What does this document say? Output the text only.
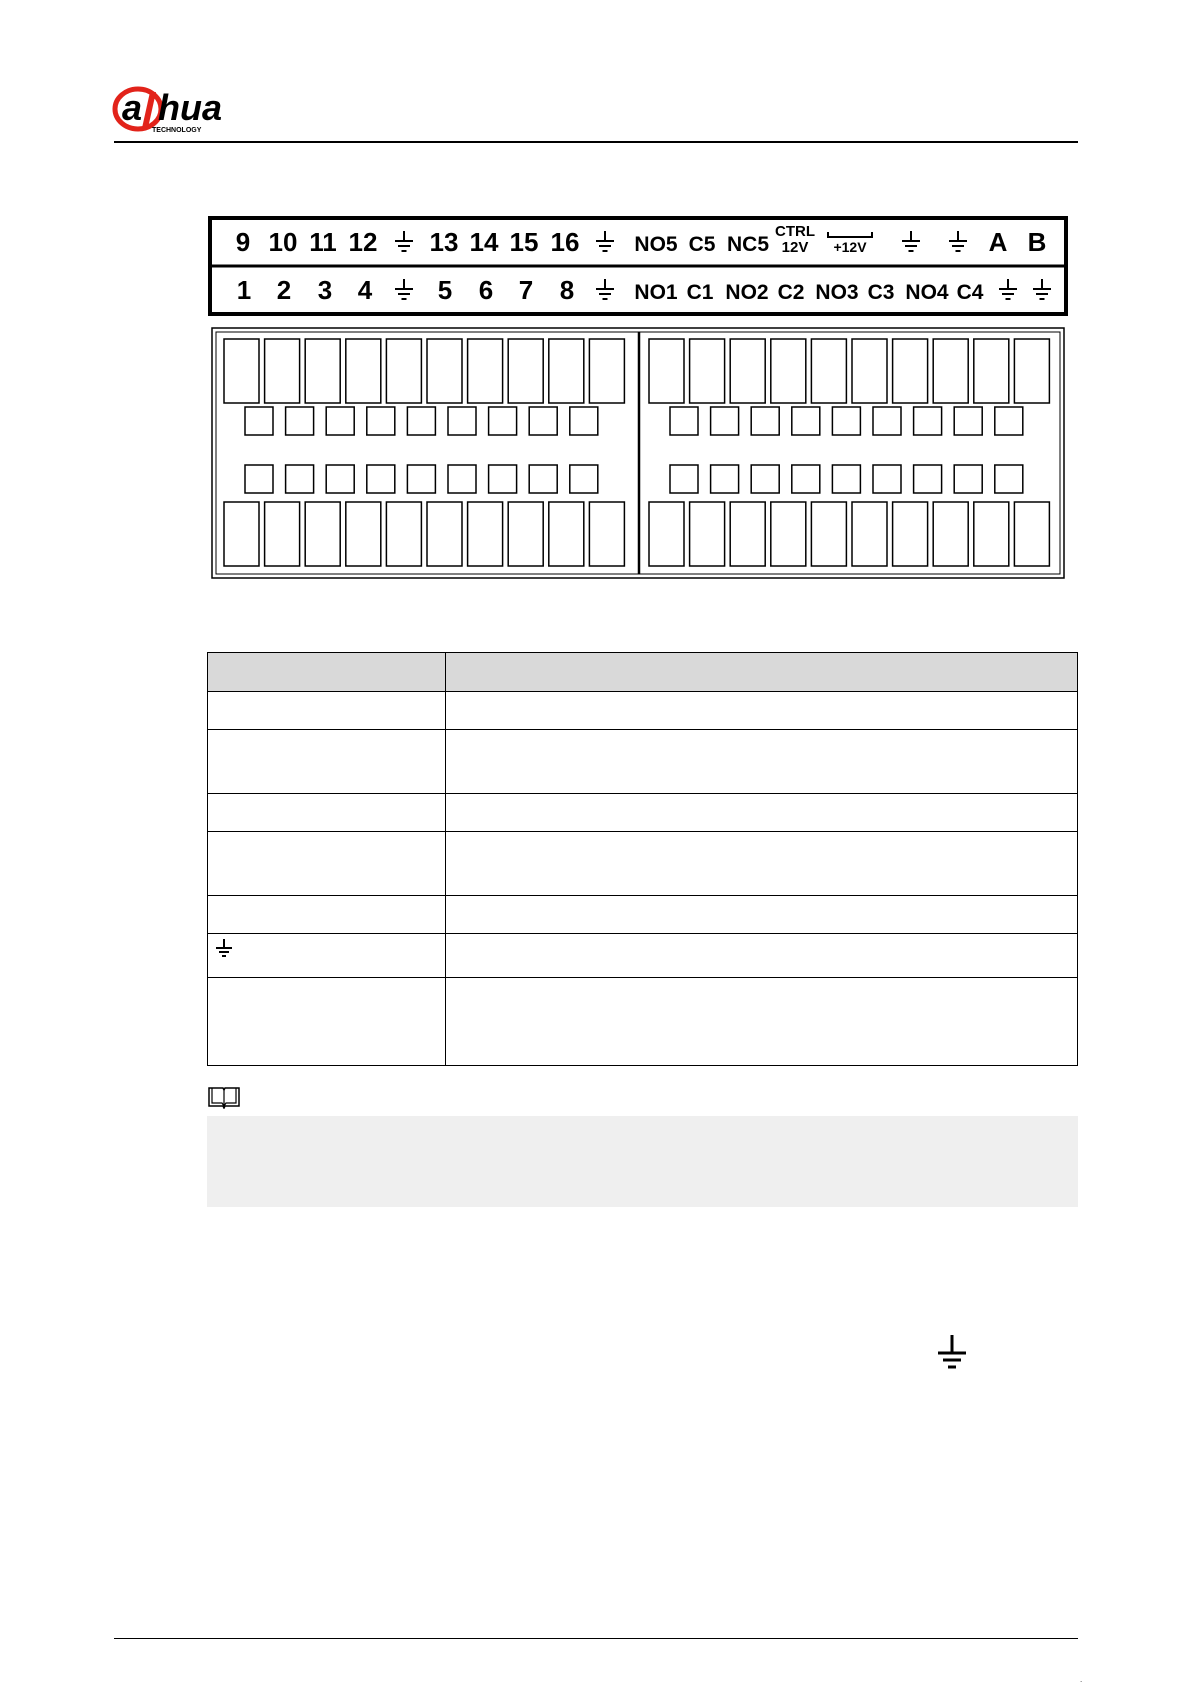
a hua
TECHNOLOGY
9 10 11 12 13 14 15 16	NO5 C5 NC5
CTRL
12V +12V	A B
1 2 3 4	5 6 7 8	NO1 C1 NO2 C2 NO3 C3 NO4 C4

.
